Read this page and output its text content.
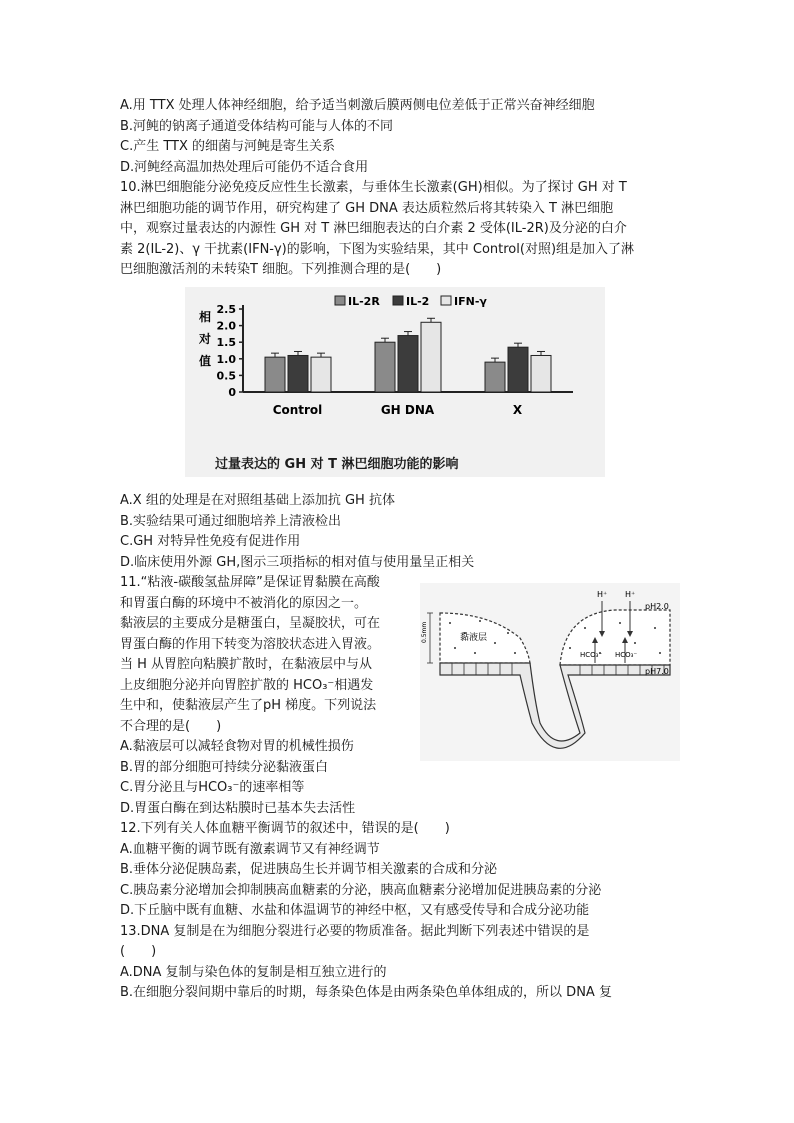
A.用 TTX 处理人体神经细胞，给予适当刺激后膜两侧电位差低于正常兴奋神经细胞
B.河鲀的钠离子通道受体结构可能与人体的不同
C.产生 TTX 的细菌与河鲀是寄生关系
D.河鲀经高温加热处理后可能仍不适合食用
10.淋巴细胞能分泌免疫反应性生长激素，与垂体生长激素(GH)相似。为了探讨 GH 对 T
淋巴细胞功能的调节作用，研究构建了 GH DNA 表达质粒然后将其转染入 T 淋巴细胞
中，观察过量表达的内源性 GH 对 T 淋巴细胞表达的白介素 2 受体(IL-2R)及分泌的白介
素 2(IL-2)、γ 干扰素(IFN-γ)的影响，下图为实验结果，其中 Control(对照)组是加入了淋
巴细胞激活剂的未转染T 细胞。下列推测合理的是(　　)
0
0.5
1.0
1.5
2.0
2.5
相
对
值
Control	GH DNA	X
IL-2R IL-2 IFN-γ
过量表达的 GH 对 T 淋巴细胞功能的影响
A.X 组的处理是在对照组基础上添加抗 GH 抗体
B.实验结果可通过细胞培养上清液检出
C.GH 对特异性免疫有促进作用
D.临床使用外源 GH,图示三项指标的相对值与使用量呈正相关
11.“粘液-碳酸氢盐屏障”是保证胃黏膜在高酸
和胃蛋白酶的环境中不被消化的原因之一。
黏液层的主要成分是糖蛋白，呈凝胶状，可在
胃蛋白酶的作用下转变为溶胶状态进入胃液。
当 H 从胃腔向粘膜扩散时，在黏液层中与从
上皮细胞分泌并向胃腔扩散的 HCO₃⁻相遇发
生中和，使黏液层产生了pH 梯度。下列说法
不合理的是(　　)
A.黏液层可以减轻食物对胃的机械性损伤
B.胃的部分细胞可持续分泌黏液蛋白
C.胃分泌且与HCO₃⁻的速率相等
D.胃蛋白酶在到达粘膜时已基本失去活性
12.下列有关人体血糖平衡调节的叙述中，错误的是(　　)
A.血糖平衡的调节既有激素调节又有神经调节
B.垂体分泌促胰岛素，促进胰岛生长并调节相关激素的合成和分泌
C.胰岛素分泌增加会抑制胰高血糖素的分泌，胰高血糖素分泌增加促进胰岛素的分泌
D.下丘脑中既有血糖、水盐和体温调节的神经中枢，又有感受传导和合成分泌功能
13.DNA 复制是在为细胞分裂进行必要的物质准备。据此判断下列表述中错误的是
(　　)
A.DNA 复制与染色体的复制是相互独立进行的
B.在细胞分裂间期中靠后的时期，每条染色体是由两条染色单体组成的，所以 DNA 复
0.5mm
H⁺ H⁺
pH2.0
pH7.0
黏液层
HCO₃⁻ HCO₃⁻
